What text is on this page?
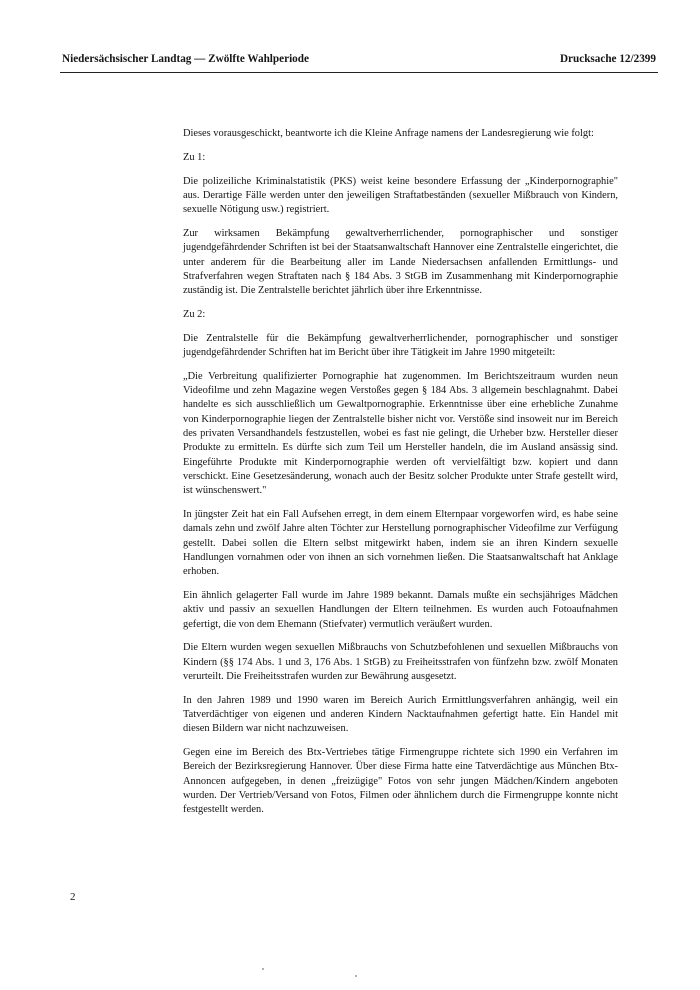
Niedersächsischer Landtag — Zwölfte Wahlperiode	Drucksache 12/2399

Dieses vorausgeschickt, beantworte ich die Kleine Anfrage namens der Landesregierung wie folgt:

Zu 1:

Die polizeiliche Kriminalstatistik (PKS) weist keine besondere Erfassung der „Kinderpornographie" aus. Derartige Fälle werden unter den jeweiligen Straftatbeständen (sexueller Mißbrauch von Kindern, sexuelle Nötigung usw.) registriert.

Zur wirksamen Bekämpfung gewaltverherrlichender, pornographischer und sonstiger jugendgefährdender Schriften ist bei der Staatsanwaltschaft Hannover eine Zentralstelle eingerichtet, die unter anderem für die Bearbeitung aller im Lande Niedersachsen anfallenden Ermittlungs- und Strafverfahren wegen Straftaten nach § 184 Abs. 3 StGB im Zusammenhang mit Kinderpornographie zuständig ist. Die Zentralstelle berichtet jährlich über ihre Erkenntnisse.

Zu 2:

Die Zentralstelle für die Bekämpfung gewaltverherrlichender, pornographischer und sonstiger jugendgefährdender Schriften hat im Bericht über ihre Tätigkeit im Jahre 1990 mitgeteilt:

„Die Verbreitung qualifizierter Pornographie hat zugenommen. Im Berichtszeitraum wurden neun Videofilme und zehn Magazine wegen Verstoßes gegen § 184 Abs. 3 allgemein beschlagnahmt. Dabei handelte es sich ausschließlich um Gewaltpornographie. Erkenntnisse über eine erhebliche Zunahme von Kinderpornographie liegen der Zentralstelle bisher nicht vor. Verstöße sind insoweit nur im Bereich des privaten Versandhandels festzustellen, wobei es fast nie gelingt, die Urheber bzw. Hersteller dieser Produkte zu ermitteln. Es dürfte sich zum Teil um Hersteller handeln, die im Ausland ansässig sind. Eingeführte Produkte mit Kinderpornographie werden oft vervielfältigt bzw. kopiert und dann verschickt. Eine Gesetzesänderung, wonach auch der Besitz solcher Produkte unter Strafe gestellt wird, ist wünschenswert."

In jüngster Zeit hat ein Fall Aufsehen erregt, in dem einem Elternpaar vorgeworfen wird, es habe seine damals zehn und zwölf Jahre alten Töchter zur Herstellung pornographischer Videofilme zur Verfügung gestellt. Dabei sollen die Eltern selbst mitgewirkt haben, indem sie an ihren Kindern sexuelle Handlungen vornahmen oder von ihnen an sich vornehmen ließen. Die Staatsanwaltschaft hat Anklage erhoben.

Ein ähnlich gelagerter Fall wurde im Jahre 1989 bekannt. Damals mußte ein sechsjähriges Mädchen aktiv und passiv an sexuellen Handlungen der Eltern teilnehmen. Es wurden auch Fotoaufnahmen gefertigt, die von dem Ehemann (Stiefvater) vermutlich veräußert wurden.

Die Eltern wurden wegen sexuellen Mißbrauchs von Schutzbefohlenen und sexuellen Mißbrauchs von Kindern (§§ 174 Abs. 1 und 3, 176 Abs. 1 StGB) zu Freiheitsstrafen von fünfzehn bzw. zwölf Monaten verurteilt. Die Freiheitsstrafen wurden zur Bewährung ausgesetzt.

In den Jahren 1989 und 1990 waren im Bereich Aurich Ermittlungsverfahren anhängig, weil ein Tatverdächtiger von eigenen und anderen Kindern Nacktaufnahmen gefertigt hatte. Ein Handel mit diesen Bildern war nicht nachzuweisen.

Gegen eine im Bereich des Btx-Vertriebes tätige Firmengruppe richtete sich 1990 ein Verfahren im Bereich der Bezirksregierung Hannover. Über diese Firma hatte eine Tatverdächtige aus München Btx-Annoncen aufgegeben, in denen „freizügige" Fotos von sehr jungen Mädchen/Kindern angeboten wurden. Der Vertrieb/Versand von Fotos, Filmen oder ähnlichem durch die Firmengruppe konnte nicht festgestellt werden.

2
